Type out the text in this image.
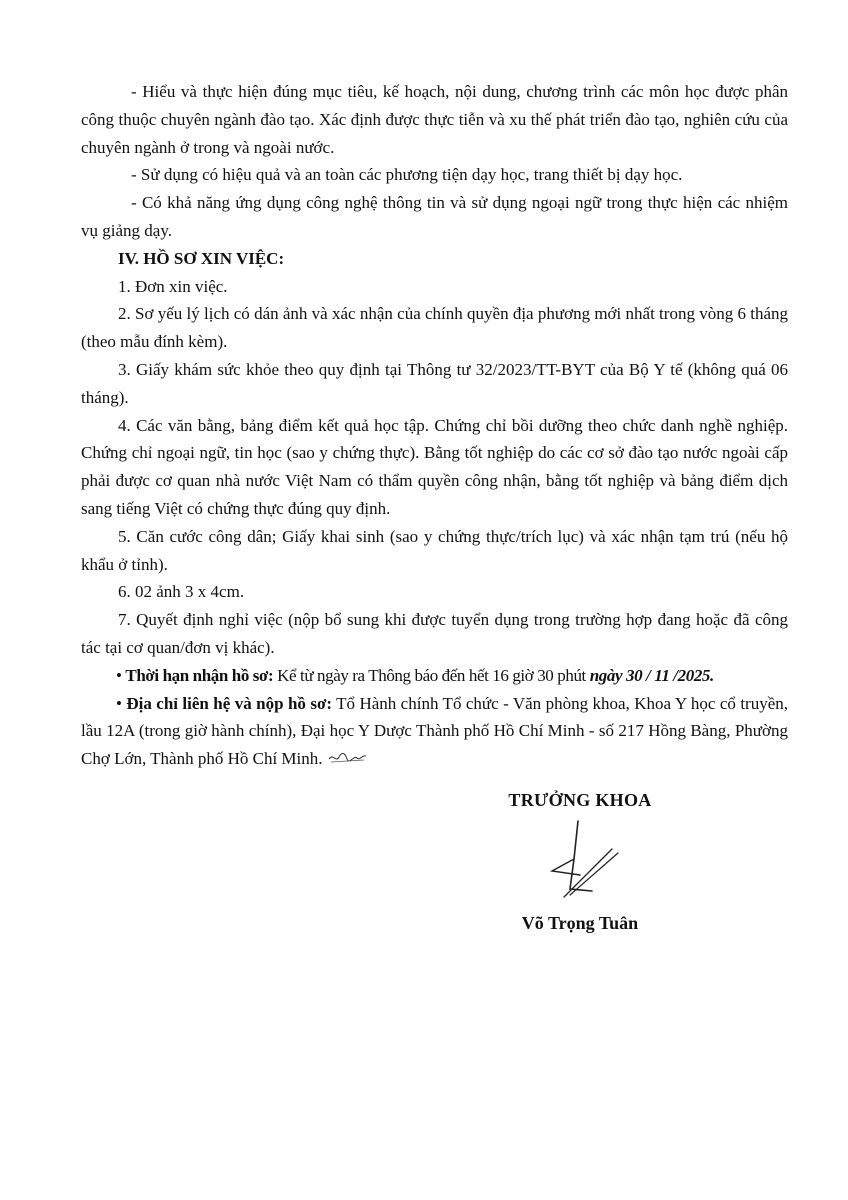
- Hiểu và thực hiện đúng mục tiêu, kế hoạch, nội dung, chương trình các môn học được phân công thuộc chuyên ngành đào tạo. Xác định được thực tiễn và xu thế phát triển đào tạo, nghiên cứu của chuyên ngành ở trong và ngoài nước.

- Sử dụng có hiệu quả và an toàn các phương tiện dạy học, trang thiết bị dạy học.

- Có khả năng ứng dụng công nghệ thông tin và sử dụng ngoại ngữ trong thực hiện các nhiệm vụ giảng dạy.

IV. HỒ SƠ XIN VIỆC:

1. Đơn xin việc.

2. Sơ yếu lý lịch có dán ảnh và xác nhận của chính quyền địa phương mới nhất trong vòng 6 tháng (theo mẫu đính kèm).

3. Giấy khám sức khỏe theo quy định tại Thông tư 32/2023/TT-BYT của Bộ Y tế (không quá 06 tháng).

4. Các văn bằng, bảng điểm kết quả học tập. Chứng chỉ bồi dưỡng theo chức danh nghề nghiệp. Chứng chỉ ngoại ngữ, tin học (sao y chứng thực). Bằng tốt nghiệp do các cơ sở đào tạo nước ngoài cấp phải được cơ quan nhà nước Việt Nam có thẩm quyền công nhận, bằng tốt nghiệp và bảng điểm dịch sang tiếng Việt có chứng thực đúng quy định.

5. Căn cước công dân; Giấy khai sinh (sao y chứng thực/trích lục) và xác nhận tạm trú (nếu hộ khẩu ở tỉnh).

6. 02 ảnh 3 x 4cm.

7. Quyết định nghỉ việc (nộp bổ sung khi được tuyển dụng trong trường hợp đang hoặc đã công tác tại cơ quan/đơn vị khác).

• Thời hạn nhận hồ sơ: Kể từ ngày ra Thông báo đến hết 16 giờ 30 phút ngày 30 / 11 /2025.

• Địa chỉ liên hệ và nộp hồ sơ: Tổ Hành chính Tổ chức - Văn phòng khoa, Khoa Y học cổ truyền, lầu 12A (trong giờ hành chính), Đại học Y Dược Thành phố Hồ Chí Minh - số 217 Hồng Bàng, Phường Chợ Lớn, Thành phố Hồ Chí Minh.

TRƯỞNG KHOA
Võ Trọng Tuân
